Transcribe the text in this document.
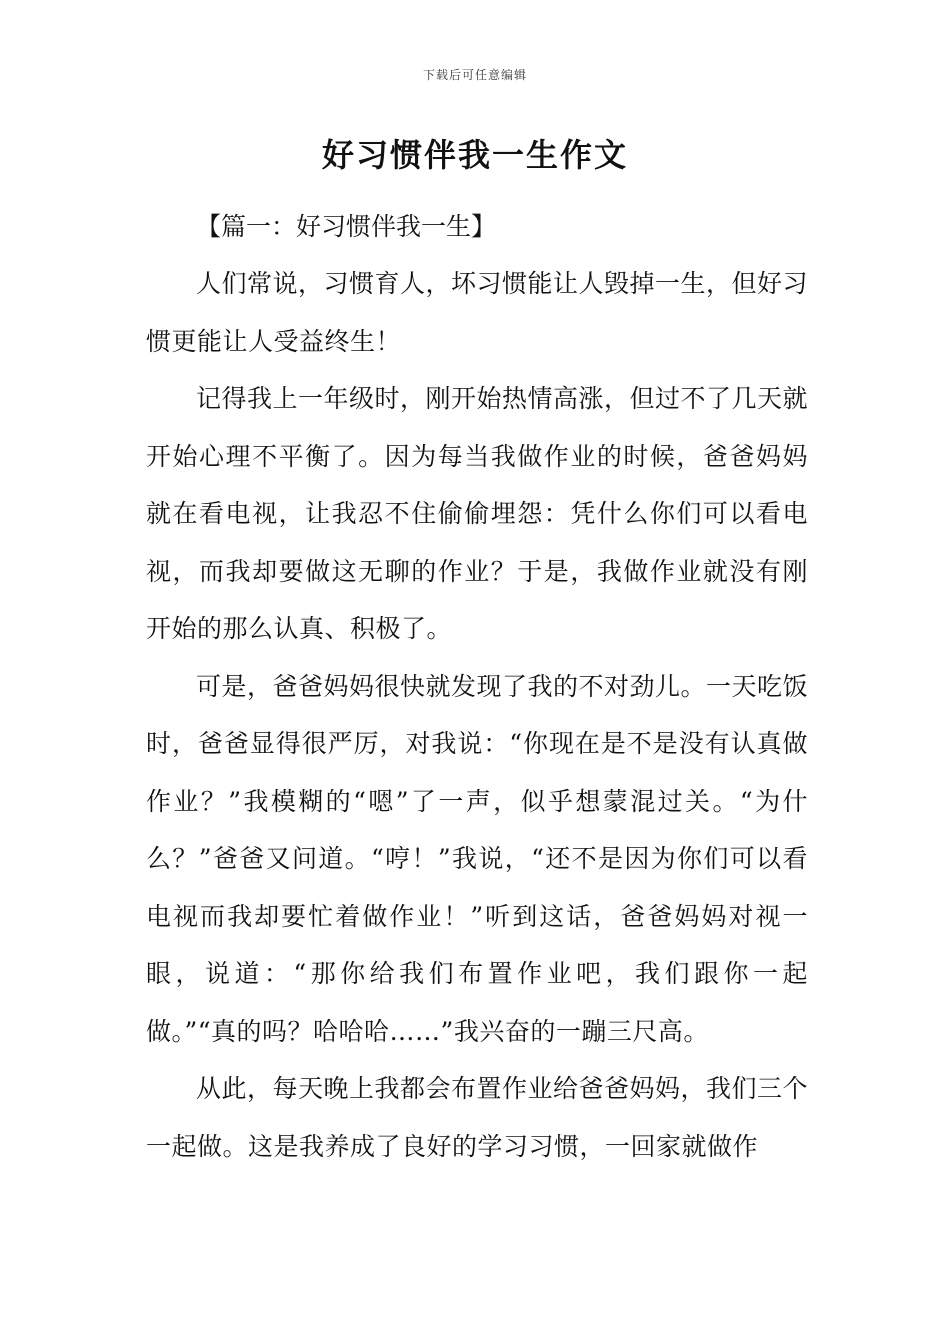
下载后可任意编辑
好习惯伴我一生作文

【篇一：好习惯伴我一生】

人们常说，习惯育人，坏习惯能让人毁掉一生，但好习惯更能让人受益终生！

记得我上一年级时，刚开始热情高涨，但过不了几天就开始心理不平衡了。因为每当我做作业的时候，爸爸妈妈就在看电视，让我忍不住偷偷埋怨：凭什么你们可以看电视，而我却要做这无聊的作业？于是，我做作业就没有刚开始的那么认真、积极了。

可是，爸爸妈妈很快就发现了我的不对劲儿。一天吃饭时，爸爸显得很严厉，对我说：“你现在是不是没有认真做作业？”我模糊的“嗯”了一声，似乎想蒙混过关。“为什么？”爸爸又问道。“哼！”我说，“还不是因为你们可以看电视而我却要忙着做作业！”听到这话，爸爸妈妈对视一眼，说道：“那你给我们布置作业吧，我们跟你一起做。”“真的吗？哈哈哈……”我兴奋的一蹦三尺高。

从此，每天晚上我都会布置作业给爸爸妈妈，我们三个一起做。这是我养成了良好的学习习惯，一回家就做作
